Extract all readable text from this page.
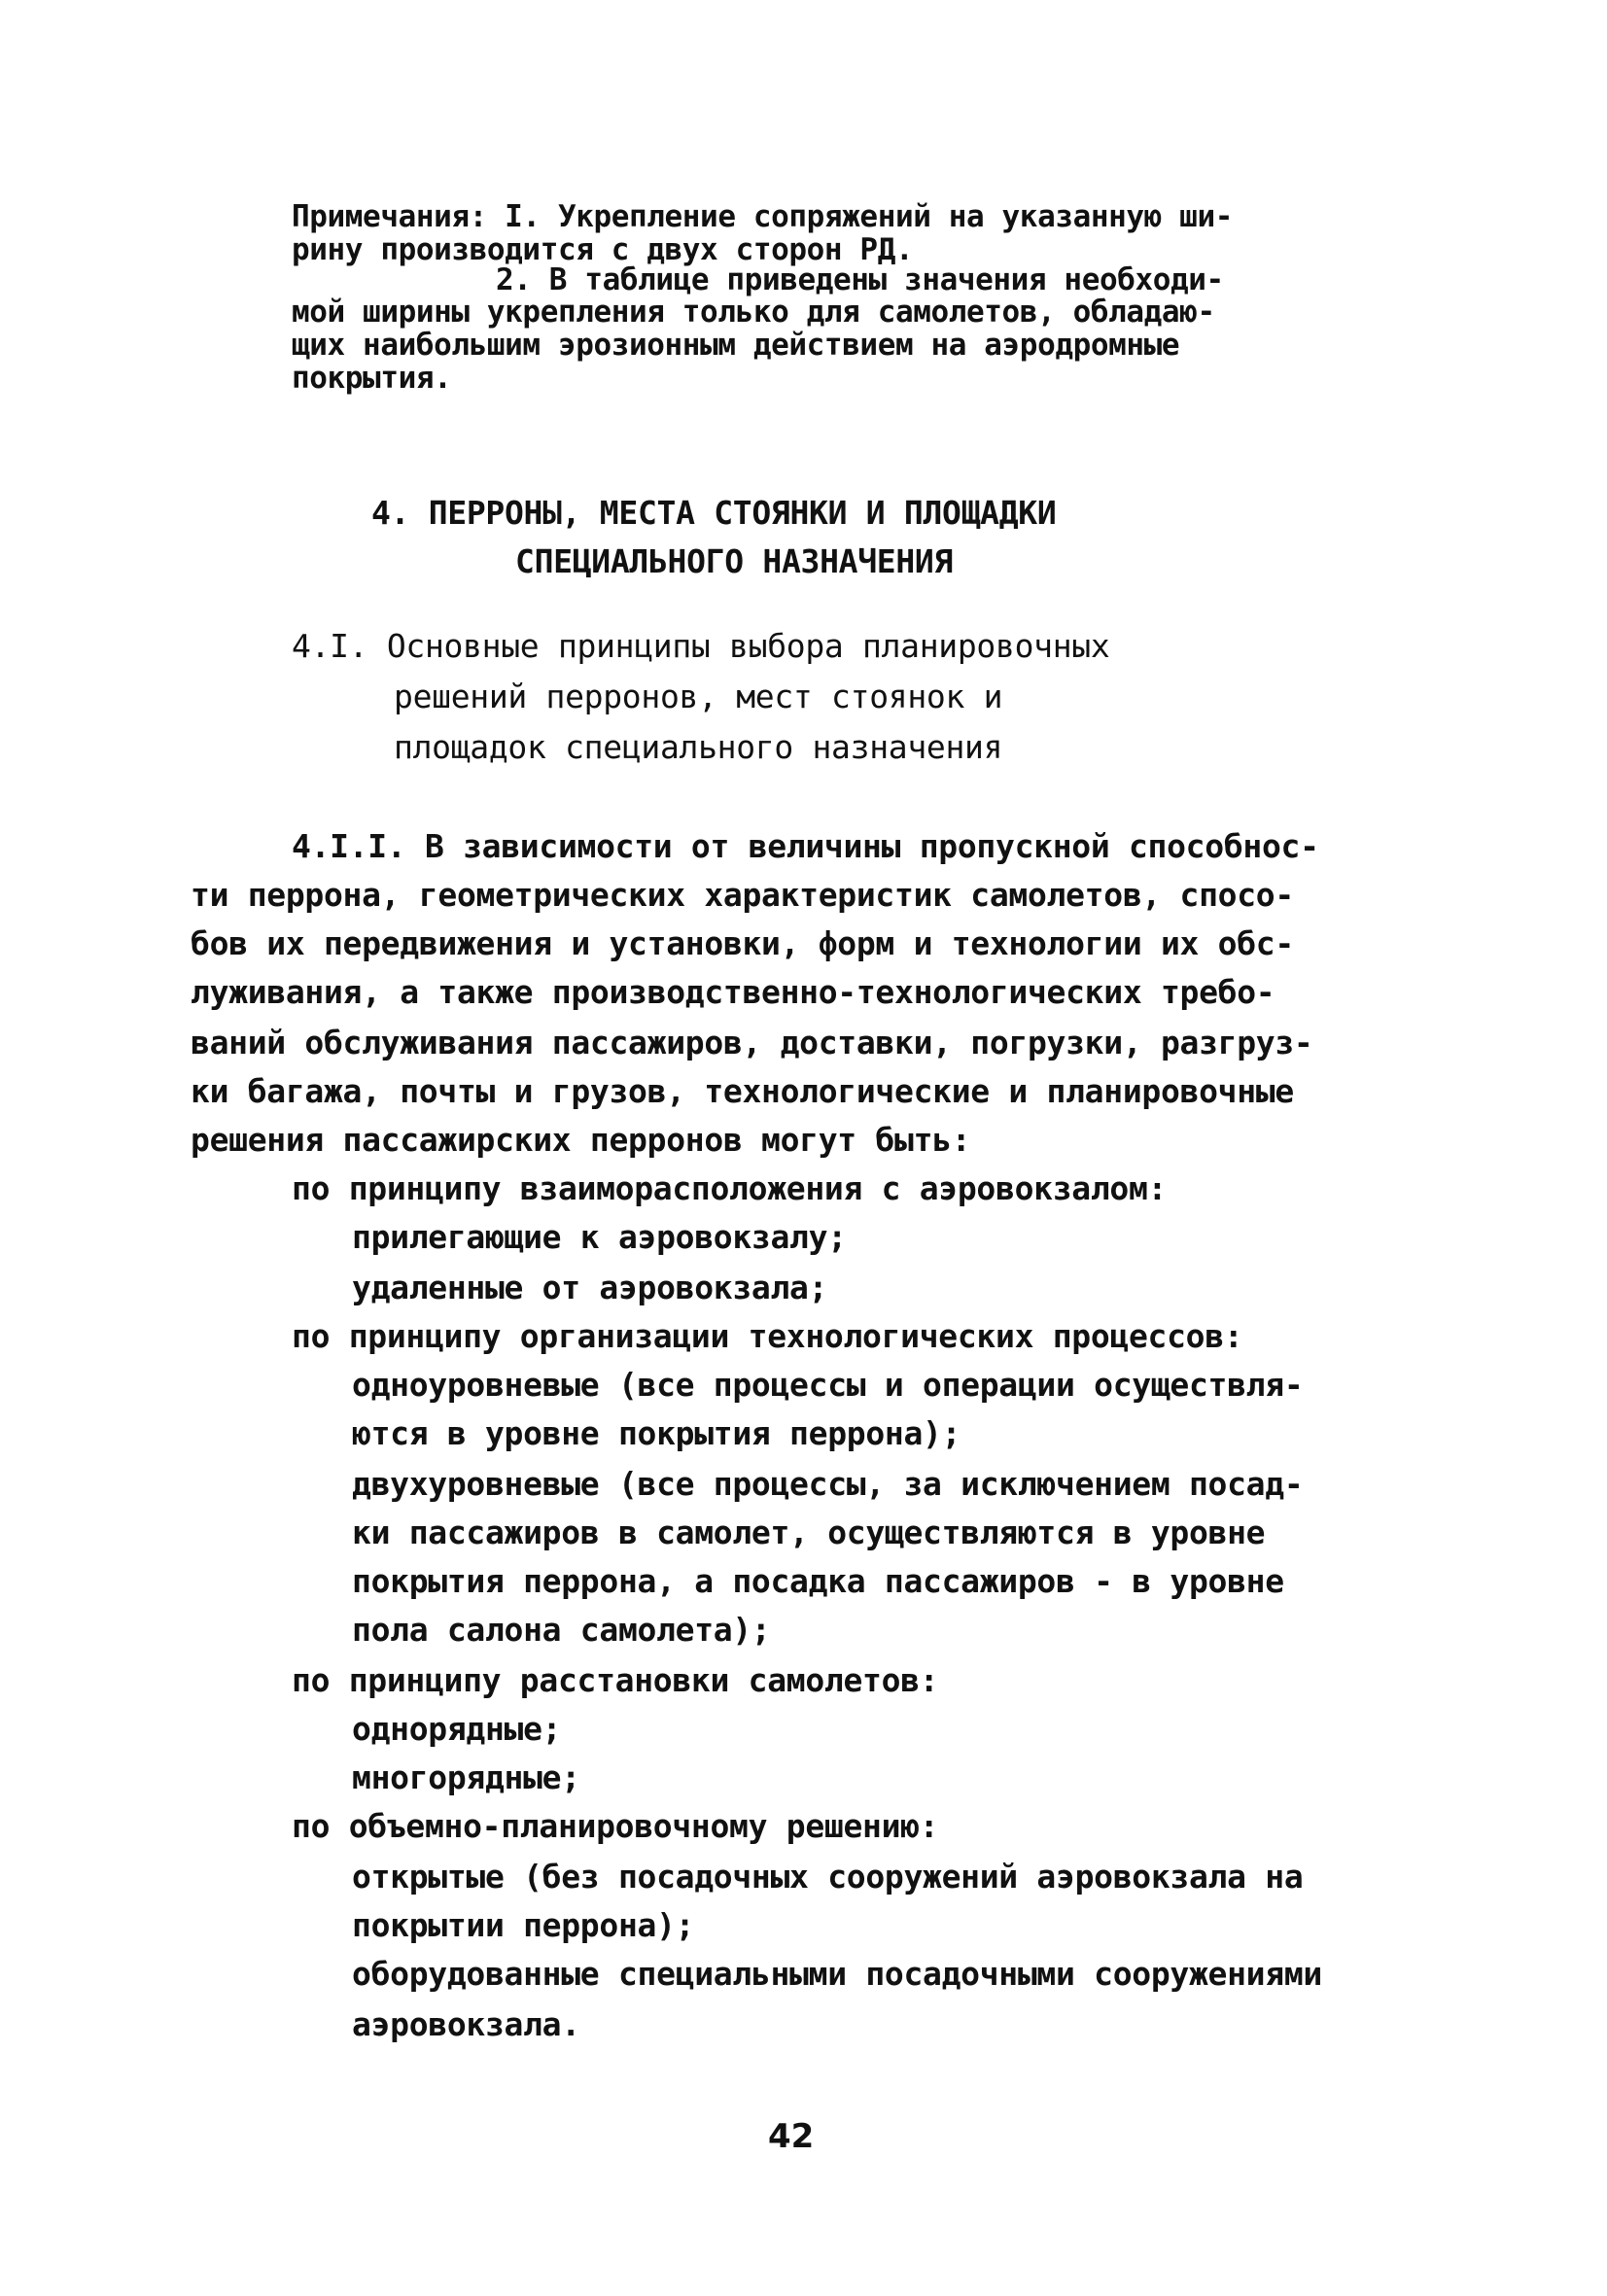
Примечания: I. Укрепление сопряжений на указанную ши-
рину производится с двух сторон РД.
2. В таблице приведены значения необходи-
мой ширины укрепления только для самолетов, обладаю-
щих наибольшим эрозионным действием на аэродромные
покрытия.
4. ПЕРРОНЫ, МЕСТА СТОЯНКИ И ПЛОЩАДКИ
СПЕЦИАЛЬНОГО НАЗНАЧЕНИЯ
4.I. Основные принципы выбора планировочных
решений перронов, мест стоянок и
площадок специального назначения
4.I.I. В зависимости от величины пропускной способнос-
ти перрона, геометрических характеристик самолетов, спосо-
бов их передвижения и установки, форм и технологии их обс-
луживания, а также производственно-технологических требо-
ваний обслуживания пассажиров, доставки, погрузки, разгруз-
ки багажа, почты и грузов, технологические и планировочные
решения пассажирских перронов могут быть:
по принципу взаиморасположения с аэровокзалом:
прилегающие к аэровокзалу;
удаленные от аэровокзала;
по принципу организации технологических процессов:
одноуровневые (все процессы и операции осуществля-
ются в уровне покрытия перрона);
двухуровневые (все процессы, за исключением посад-
ки пассажиров в самолет, осуществляются в уровне
покрытия перрона, а посадка пассажиров - в уровне
пола салона самолета);
по принципу расстановки самолетов:
однорядные;
многорядные;
по объемно-планировочному решению:
открытые (без посадочных сооружений аэровокзала на
покрытии перрона);
оборудованные специальными посадочными сооружениями
аэровокзала.
42
